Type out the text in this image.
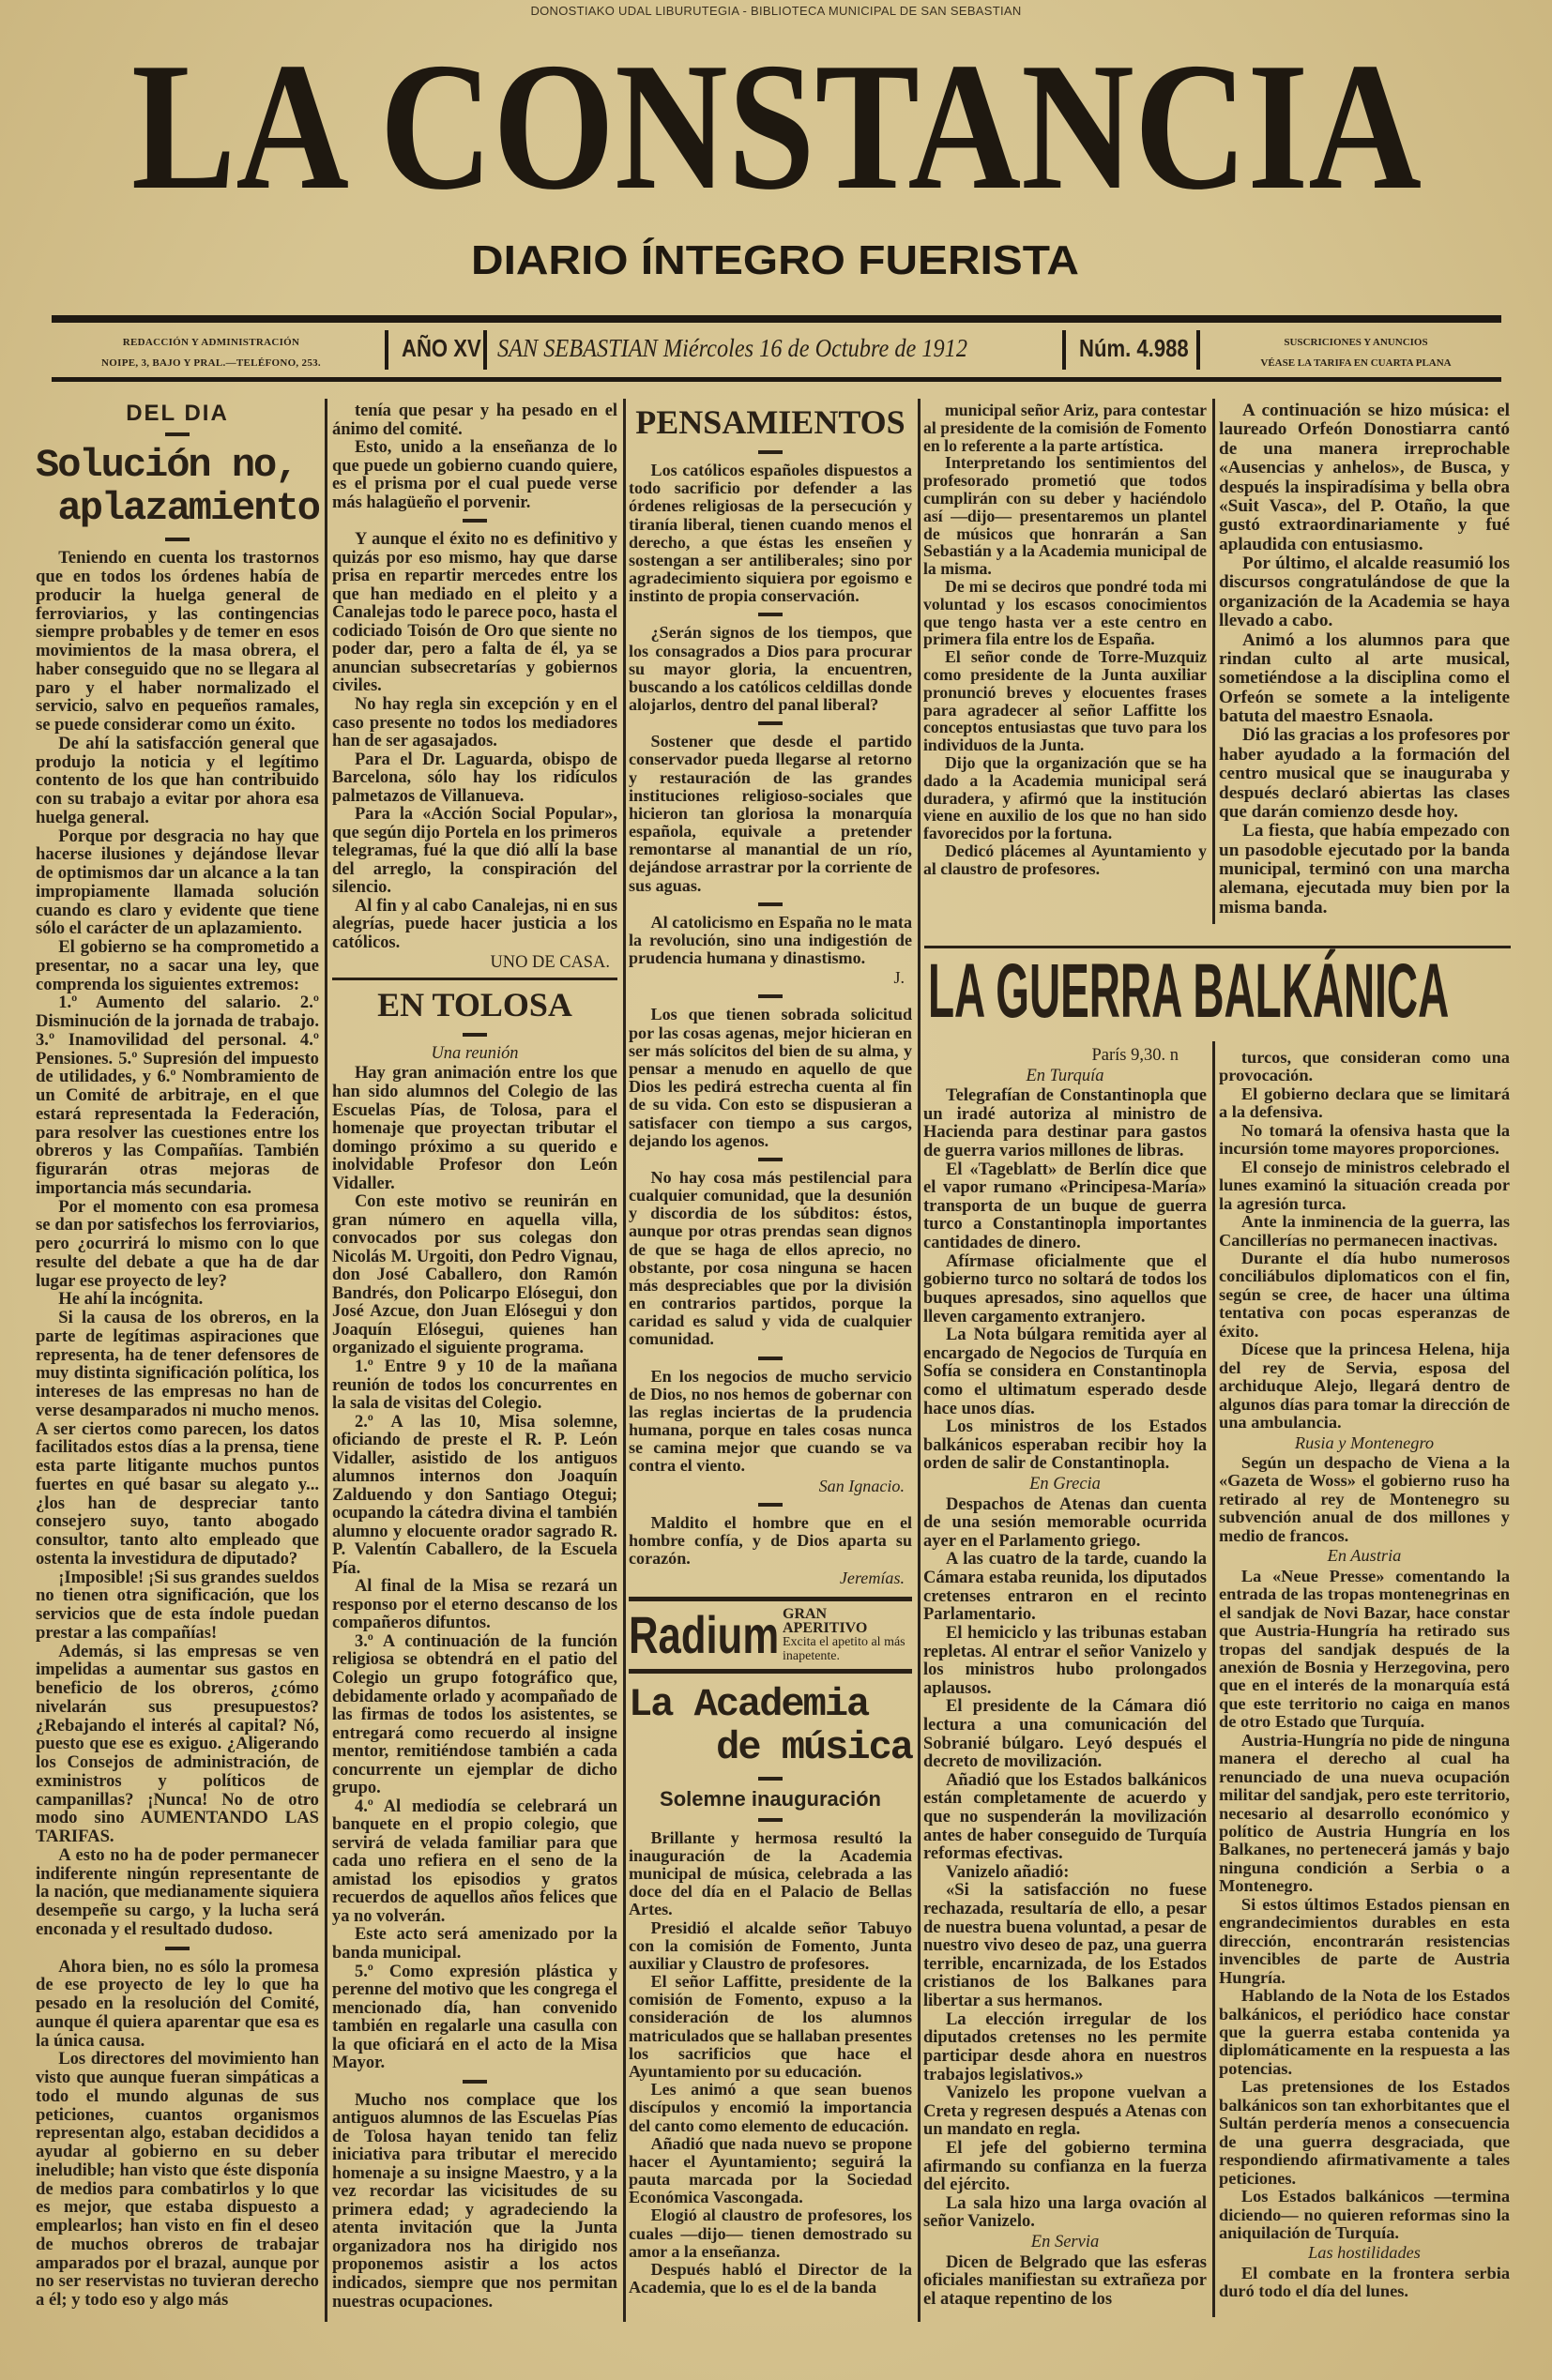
DONOSTIAKO UDAL LIBURUTEGIA - BIBLIOTECA MUNICIPAL DE SAN SEBASTIAN
LA CONSTANCIA
DIARIO ÍNTEGRO FUERISTA
REDACCIÓN Y ADMINISTRACIÓN
NOIPE, 3, BAJO Y PRAL.—TELÉFONO, 253.
AÑO XV SAN SEBASTIAN Miércoles 16 de Octubre de 1912	Núm. 4.988	SUSCRICIONES Y ANUNCIOS
VÉASE LA TARIFA EN CUARTA PLANA
DEL DIA
Solución no,
aplazamiento

Teniendo en cuenta los trastornos que en todos los órdenes había de producir la huelga general de ferroviarios, y las contingencias siempre probables y de temer en esos movimientos de la masa obrera, el haber conseguido que no se llegara al paro y el haber normalizado el servicio, salvo en pequeños ramales, se puede considerar como un éxito.

De ahí la satisfacción general que produjo la noticia y el legítimo contento de los que han contribuido con su trabajo a evitar por ahora esa huelga general.

Porque por desgracia no hay que hacerse ilusiones y dejándose llevar de optimismos dar un alcance a la tan impropiamente llamada solución cuando es claro y evidente que tiene sólo el carácter de un aplazamiento.

El gobierno se ha comprometido a presentar, no a sacar una ley, que comprenda los siguientes extremos:

1.º Aumento del salario. 2.º Disminución de la jornada de trabajo. 3.º Inamovilidad del personal. 4.º Pensiones. 5.º Supresión del impuesto de utilidades, y 6.º Nombramiento de un Comité de arbitraje, en el que estará representada la Federación, para resolver las cuestiones entre los obreros y las Compañías. También figurarán otras mejoras de importancia más secundaria.

Por el momento con esa promesa se dan por satisfechos los ferroviarios, pero ¿ocurrirá lo mismo con lo que resulte del debate a que ha de dar lugar ese proyecto de ley?

He ahí la incógnita.

Si la causa de los obreros, en la parte de legítimas aspiraciones que representa, ha de tener defensores de muy distinta significación política, los intereses de las empresas no han de verse desamparados ni mucho menos. A ser ciertos como parecen, los datos facilitados estos días a la prensa, tiene esta parte litigante muchos puntos fuertes en qué basar su alegato y... ¿los han de despreciar tanto consejero suyo, tanto abogado consultor, tanto alto empleado que ostenta la investidura de diputado?

¡Imposible! ¡Si sus grandes sueldos no tienen otra significación, que los servicios que de esta índole puedan prestar a las compañías!

Además, si las empresas se ven impelidas a aumentar sus gastos en beneficio de los obreros, ¿cómo nivelarán sus presupuestos? ¿Rebajando el interés al capital? Nó, puesto que ese es exiguo. ¿Aligerando los Consejos de administración, de exministros y políticos de campanillas? ¡Nunca! No de otro modo sino AUMENTANDO LAS TARIFAS.

A esto no ha de poder permanecer indiferente ningún representante de la nación, que medianamente siquiera desempeñe su cargo, y la lucha será enconada y el resultado dudoso.

Ahora bien, no es sólo la promesa de ese proyecto de ley lo que ha pesado en la resolución del Comité, aunque él quiera aparentar que esa es la única causa.

Los directores del movimiento han visto que aunque fueran simpáticas a todo el mundo algunas de sus peticiones, cuantos organismos representan algo, estaban decididos a ayudar al gobierno en su deber ineludible; han visto que éste disponía de medios para combatirlos y lo que es mejor, que estaba dispuesto a emplearlos; han visto en fin el deseo de muchos obreros de trabajar amparados por el brazal, aunque por no ser reservistas no tuvieran derecho a él; y todo eso y algo más

tenía que pesar y ha pesado en el ánimo del comité.

Esto, unido a la enseñanza de lo que puede un gobierno cuando quiere, es el prisma por el cual puede verse más halagüeño el porvenir.

Y aunque el éxito no es definitivo y quizás por eso mismo, hay que darse prisa en repartir mercedes entre los que han mediado en el pleito y a Canalejas todo le parece poco, hasta el codiciado Toisón de Oro que siente no poder dar, pero a falta de él, ya se anuncian subsecretarías y gobiernos civiles.

No hay regla sin excepción y en el caso presente no todos los mediadores han de ser agasajados.

Para el Dr. Laguarda, obispo de Barcelona, sólo hay los ridículos palmetazos de Villanueva.

Para la «Acción Social Popular», que según dijo Portela en los primeros telegramas, fué la que dió allí la base del arreglo, la conspiración del silencio.

Al fin y al cabo Canalejas, ni en sus alegrías, puede hacer justicia a los católicos.

UNO DE CASA.
EN TOLOSA
Una reunión

Hay gran animación entre los que han sido alumnos del Colegio de las Escuelas Pías, de Tolosa, para el homenaje que proyectan tributar el domingo próximo a su querido e inolvidable Profesor don León Vidaller.

Con este motivo se reunirán en gran número en aquella villa, convocados por sus colegas don Nicolás M. Urgoiti, don Pedro Vignau, don José Caballero, don Ramón Bandrés, don Policarpo Elósegui, don José Azcue, don Juan Elósegui y don Joaquín Elósegui, quienes han organizado el siguiente programa.

1.º Entre 9 y 10 de la mañana reunión de todos los concurrentes en la sala de visitas del Colegio.

2.º A las 10, Misa solemne, oficiando de preste el R. P. León Vidaller, asistido de los antiguos alumnos internos don Joaquín Zalduendo y don Santiago Otegui; ocupando la cátedra divina el también alumno y elocuente orador sagrado R. P. Valentín Caballero, de la Escuela Pía.

Al final de la Misa se rezará un responso por el eterno descanso de los compañeros difuntos.

3.º A continuación de la función religiosa se obtendrá en el patio del Colegio un grupo fotográfico que, debidamente orlado y acompañado de las firmas de todos los asistentes, se entregará como recuerdo al insigne mentor, remitiéndose también a cada concurrente un ejemplar de dicho grupo.

4.º Al mediodía se celebrará un banquete en el propio colegio, que servirá de velada familiar para que cada uno refiera en el seno de la amistad los episodios y gratos recuerdos de aquellos años felices que ya no volverán.

Este acto será amenizado por la banda municipal.

5.º Como expresión plástica y perenne del motivo que les congrega el mencionado día, han convenido también en regalarle una casulla con la que oficiará en el acto de la Misa Mayor.

Mucho nos complace que los antiguos alumnos de las Escuelas Pías de Tolosa hayan tenido tan feliz iniciativa para tributar el merecido homenaje a su insigne Maestro, y a la vez recordar las vicisitudes de su primera edad; y agradeciendo la atenta invitación que la Junta organizadora nos ha dirigido nos proponemos asistir a los actos indicados, siempre que nos permitan nuestras ocupaciones.

PENSAMIENTOS

Los católicos españoles dispuestos a todo sacrificio por defender a las órdenes religiosas de la persecución y tiranía liberal, tienen cuando menos el derecho, a que éstas les enseñen y sostengan a ser antiliberales; sino por agradecimiento siquiera por egoismo e instinto de propia conservación.

¿Serán signos de los tiempos, que los consagrados a Dios para procurar su mayor gloria, la encuentren, buscando a los católicos celdillas donde alojarlos, dentro del panal liberal?

Sostener que desde el partido conservador pueda llegarse al retorno y restauración de las grandes instituciones religioso-sociales que hicieron tan gloriosa la monarquía española, equivale a pretender remontarse al manantial de un río, dejándose arrastrar por la corriente de sus aguas.

Al catolicismo en España no le mata la revolución, sino una indigestión de prudencia humana y dinastismo.

J.

Los que tienen sobrada solicitud por las cosas agenas, mejor hicieran en ser más solícitos del bien de su alma, y pensar a menudo en aquello de que Dios les pedirá estrecha cuenta al fin de su vida. Con esto se dispusieran a satisfacer con tiempo a sus cargos, dejando los agenos.

No hay cosa más pestilencial para cualquier comunidad, que la desunión y discordia de los súbditos: éstos, aunque por otras prendas sean dignos de que se haga de ellos aprecio, no obstante, por cosa ninguna se hacen más despreciables que por la división en contrarios partidos, porque la caridad es salud y vida de cualquier comunidad.

En los negocios de mucho servicio de Dios, no nos hemos de gobernar con las reglas inciertas de la prudencia humana, porque en tales cosas nunca se camina mejor que cuando se va contra el viento.

San Ignacio.

Maldito el hombre que en el hombre confía, y de Dios aparta su corazón.

Jeremías.
Radium GRAN APERITIVO
Excita el apetito al más inapetente.
La Academia
de música
Solemne inauguración

Brillante y hermosa resultó la inauguración de la Academia municipal de música, celebrada a las doce del día en el Palacio de Bellas Artes.

Presidió el alcalde señor Tabuyo con la comisión de Fomento, Junta auxiliar y Claustro de profesores.

El señor Laffitte, presidente de la comisión de Fomento, expuso a la consideración de los alumnos matriculados que se hallaban presentes los sacrificios que hace el Ayuntamiento por su educación.

Les animó a que sean buenos discípulos y encomió la importancia del canto como elemento de educación.

Añadió que nada nuevo se propone hacer el Ayuntamiento; seguirá la pauta marcada por la Sociedad Económica Vascongada.

Elogió al claustro de profesores, los cuales —dijo— tienen demostrado su amor a la enseñanza.

Después habló el Director de la Academia, que lo es el de la banda

municipal señor Ariz, para contestar al presidente de la comisión de Fomento en lo referente a la parte artística.

Interpretando los sentimientos del profesorado prometió que todos cumplirán con su deber y haciéndolo así —dijo— presentaremos un plantel de músicos que honrarán a San Sebastián y a la Academia municipal de la misma.

De mi se deciros que pondré toda mi voluntad y los escasos conocimientos que tengo hasta ver a este centro en primera fila entre los de España.

El señor conde de Torre-Muzquiz como presidente de la Junta auxiliar pronunció breves y elocuentes frases para agradecer al señor Laffitte los conceptos entusiastas que tuvo para los individuos de la Junta.

Dijo que la organización que se ha dado a la Academia municipal será duradera, y afirmó que la institución viene en auxilio de los que no han sido favorecidos por la fortuna.

Dedicó plácemes al Ayuntamiento y al claustro de profesores.

A continuación se hizo música: el laureado Orfeón Donostiarra cantó de una manera irreprochable «Ausencias y anhelos», de Busca, y después la inspiradísima y bella obra «Suit Vasca», del P. Otaño, la que gustó extraordinariamente y fué aplaudida con entusiasmo.

Por último, el alcalde reasumió los discursos congratulándose de que la organización de la Academia se haya llevado a cabo.

Animó a los alumnos para que rindan culto al arte musical, sometiéndose a la disciplina como el Orfeón se somete a la inteligente batuta del maestro Esnaola.

Dió las gracias a los profesores por haber ayudado a la formación del centro musical que se inauguraba y después declaró abiertas las clases que darán comienzo desde hoy.

La fiesta, que había empezado con un pasodoble ejecutado por la banda municipal, terminó con una marcha alemana, ejecutada muy bien por la misma banda.

LA GUERRA BALKÁNICA
París 9,30. n
En Turquía

Telegrafían de Constantinopla que un iradé autoriza al ministro de Hacienda para destinar para gastos de guerra varios millones de libras.

El «Tageblatt» de Berlín dice que el vapor rumano «Principesa-María» transporta de un buque de guerra turco a Constantinopla importantes cantidades de dinero.

Afírmase oficialmente que el gobierno turco no soltará de todos los buques apresados, sino aquellos que lleven cargamento extranjero.

La Nota búlgara remitida ayer al encargado de Negocios de Turquía en Sofía se considera en Constantinopla como el ultimatum esperado desde hace unos días.

Los ministros de los Estados balkánicos esperaban recibir hoy la orden de salir de Constantinopla.

En Grecia

Despachos de Atenas dan cuenta de una sesión memorable ocurrida ayer en el Parlamento griego.

A las cuatro de la tarde, cuando la Cámara estaba reunida, los diputados cretenses entraron en el recinto Parlamentario.

El hemiciclo y las tribunas estaban repletas. Al entrar el señor Vanizelo y los ministros hubo prolongados aplausos.

El presidente de la Cámara dió lectura a una comunicación del Sobranié búlgaro. Leyó después el decreto de movilización.

Añadió que los Estados balkánicos están completamente de acuerdo y que no suspenderán la movilización antes de haber conseguido de Turquía reformas efectivas.

Vanizelo añadió:

«Si la satisfacción no fuese rechazada, resultaría de ello, a pesar de nuestra buena voluntad, a pesar de nuestro vivo deseo de paz, una guerra terrible, encarnizada, de los Estados cristianos de los Balkanes para libertar a sus hermanos.

La elección irregular de los diputados cretenses no les permite participar desde ahora en nuestros trabajos legislativos.»

Vanizelo les propone vuelvan a Creta y regresen después a Atenas con un mandato en regla.

El jefe del gobierno termina afirmando su confianza en la fuerza del ejército.

La sala hizo una larga ovación al señor Vanizelo.

En Servia

Dicen de Belgrado que las esferas oficiales manifiestan su extrañeza por el ataque repentino de los

turcos, que consideran como una provocación.

El gobierno declara que se limitará a la defensiva.

No tomará la ofensiva hasta que la incursión tome mayores proporciones.

El consejo de ministros celebrado el lunes examinó la situación creada por la agresión turca.

Ante la inminencia de la guerra, las Cancillerías no permanecen inactivas.

Durante el día hubo numerosos conciliábulos diplomaticos con el fin, según se cree, de hacer una última tentativa con pocas esperanzas de éxito.

Dícese que la princesa Helena, hija del rey de Servia, esposa del archiduque Alejo, llegará dentro de algunos días para tomar la dirección de una ambulancia.

Rusia y Montenegro

Según un despacho de Viena a la «Gazeta de Woss» el gobierno ruso ha retirado al rey de Montenegro su subvención anual de dos millones y medio de francos.

En Austria

La «Neue Presse» comentando la entrada de las tropas montenegrinas en el sandjak de Novi Bazar, hace constar que Austria-Hungría ha retirado sus tropas del sandjak después de la anexión de Bosnia y Herzegovina, pero que en el interés de la monarquía está que este territorio no caiga en manos de otro Estado que Turquía.

Austria-Hungría no pide de ninguna manera el derecho al cual ha renunciado de una nueva ocupación militar del sandjak, pero este territorio, necesario al desarrollo económico y político de Austria Hungría en los Balkanes, no pertenecerá jamás y bajo ninguna condición a Serbia o a Montenegro.

Si estos últimos Estados piensan en engrandecimientos durables en esta dirección, encontrarán resistencias invencibles de parte de Austria Hungría.

Hablando de la Nota de los Estados balkánicos, el periódico hace constar que la guerra estaba contenida ya diplomáticamente en la respuesta a las potencias.

Las pretensiones de los Estados balkánicos son tan exhorbitantes que el Sultán perdería menos a consecuencia de una guerra desgraciada, que respondiendo afirmativamente a tales peticiones.

Los Estados balkánicos —termina diciendo— no quieren reformas sino la aniquilación de Turquía.

Las hostilidades

El combate en la frontera serbia duró todo el día del lunes.
